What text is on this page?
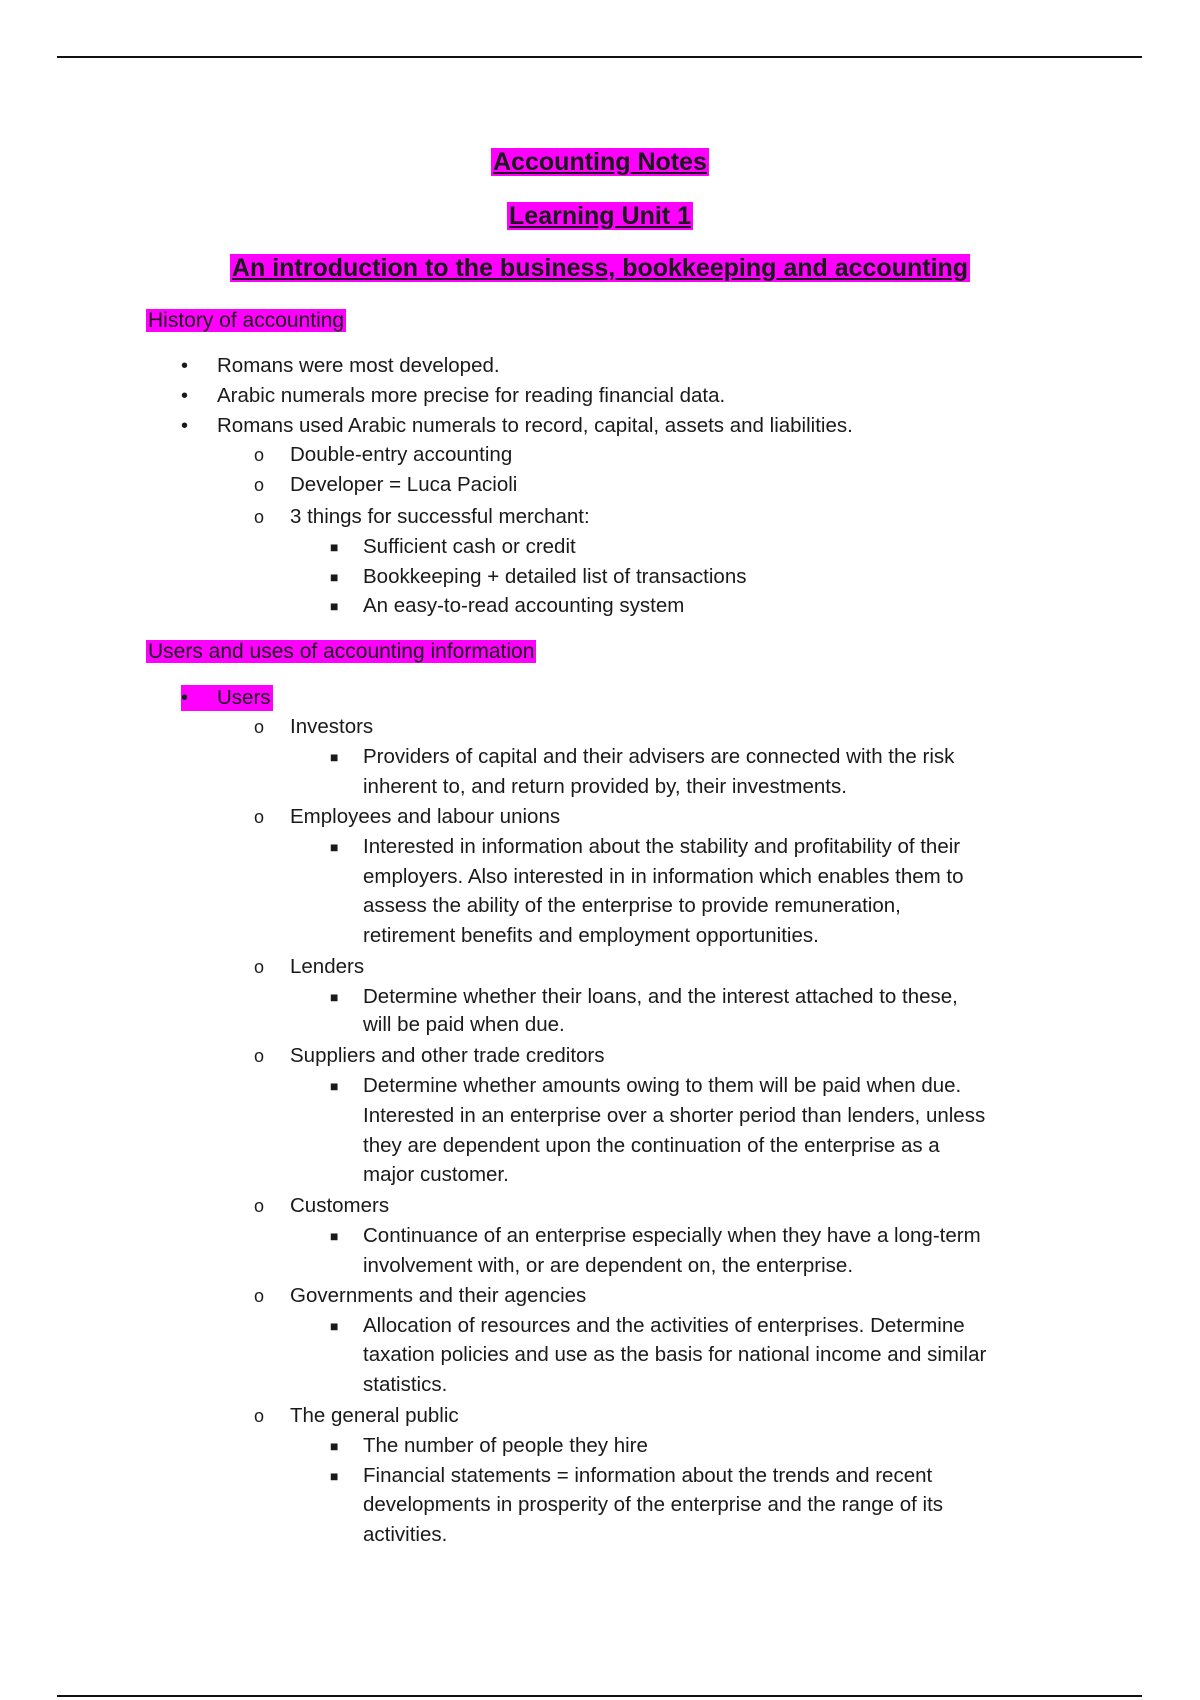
Accounting Notes
Learning Unit 1
An introduction to the business, bookkeeping and accounting
History of accounting
• Romans were most developed.
• Arabic numerals more precise for reading financial data.
• Romans used Arabic numerals to record, capital, assets and liabilities.
o Double-entry accounting
o Developer = Luca Pacioli
o 3 things for successful merchant:
■ Sufficient cash or credit
■ Bookkeeping + detailed list of transactions
■ An easy-to-read accounting system
Users and uses of accounting information
• Users
o Investors
■ Providers of capital and their advisers are connected with the risk
inherent to, and return provided by, their investments.
o Employees and labour unions
■ Interested in information about the stability and profitability of their
employers. Also interested in in information which enables them to
assess the ability of the enterprise to provide remuneration,
retirement benefits and employment opportunities.
o Lenders
■ Determine whether their loans, and the interest attached to these,
will be paid when due.
o Suppliers and other trade creditors
■ Determine whether amounts owing to them will be paid when due.
Interested in an enterprise over a shorter period than lenders, unless
they are dependent upon the continuation of the enterprise as a
major customer.
o Customers
■ Continuance of an enterprise especially when they have a long-term
involvement with, or are dependent on, the enterprise.
o Governments and their agencies
■ Allocation of resources and the activities of enterprises. Determine
taxation policies and use as the basis for national income and similar
statistics.
o The general public
■ The number of people they hire
■ Financial statements = information about the trends and recent
developments in prosperity of the enterprise and the range of its
activities.
